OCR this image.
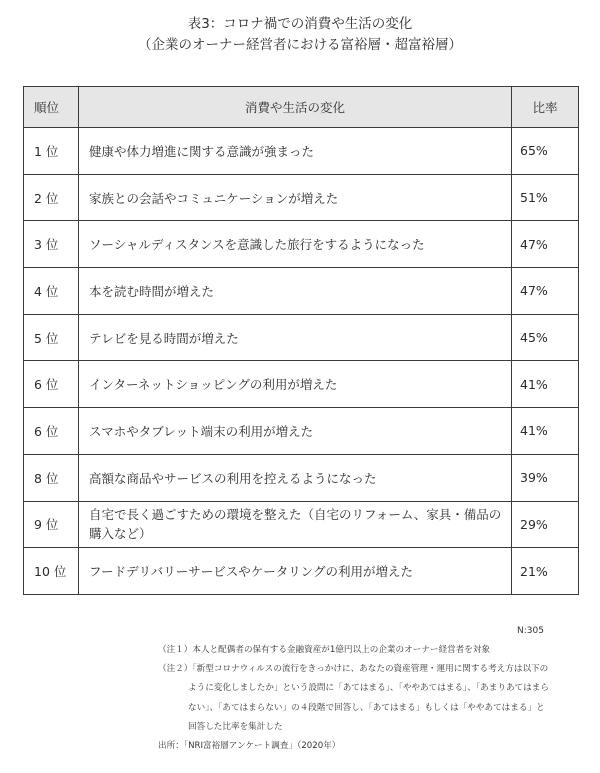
表3：コロナ禍での消費や生活の変化
（企業のオーナー経営者における富裕層・超富裕層）
順位	消費や生活の変化	比率
1 位	健康や体力増進に関する意識が強まった	65%
2 位	家族との会話やコミュニケーションが増えた	51%
3 位	ソーシャルディスタンスを意識した旅行をするようになった	47%
4 位	本を読む時間が増えた	47%
5 位	テレビを見る時間が増えた	45%
6 位	インターネットショッピングの利用が増えた	41%
6 位	スマホやタブレット端末の利用が増えた	41%
8 位	高額な商品やサービスの利用を控えるようになった	39%
9 位	自宅で長く過ごすための環境を整えた（自宅のリフォーム、家具・備品の購入など）	29%
10 位	フードデリバリーサービスやケータリングの利用が増えた	21%
N:305
（注１）本人と配偶者の保有する金融資産が1億円以上の企業のオーナー経営者を対象
（注２）「新型コロナウィルスの流行をきっかけに、あなたの資産管理・運用に関する考え方は以下の
ように変化しましたか」という設問に「あてはまる」、「ややあてはまる」、「あまりあてはまら
ない」、「あてはまらない」の４段階で回答し、「あてはまる」もしくは「ややあてはまる」と
回答した比率を集計した
出所：「NRI富裕層アンケート調査」（2020年）
